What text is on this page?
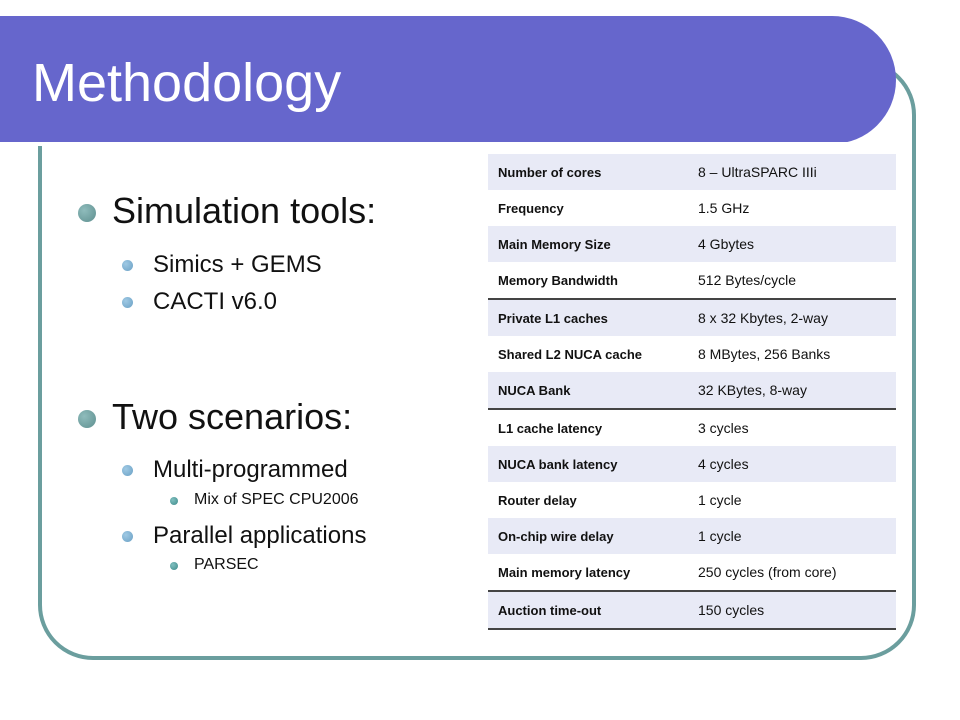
Methodology
Simulation tools:
Simics + GEMS
CACTI v6.0
Two scenarios:
Multi-programmed
Mix of SPEC CPU2006
Parallel applications
PARSEC
Number of cores	8 – UltraSPARC IIIi
Frequency	1.5 GHz
Main Memory Size	4 Gbytes
Memory Bandwidth	512 Bytes/cycle
Private L1 caches	8 x 32 Kbytes, 2-way
Shared L2 NUCA cache	8 MBytes, 256 Banks
NUCA Bank	32 KBytes, 8-way
L1 cache latency	3 cycles
NUCA bank latency	4 cycles
Router delay	1 cycle
On-chip wire delay	1 cycle
Main memory latency	250 cycles (from core)
Auction time-out	150 cycles
